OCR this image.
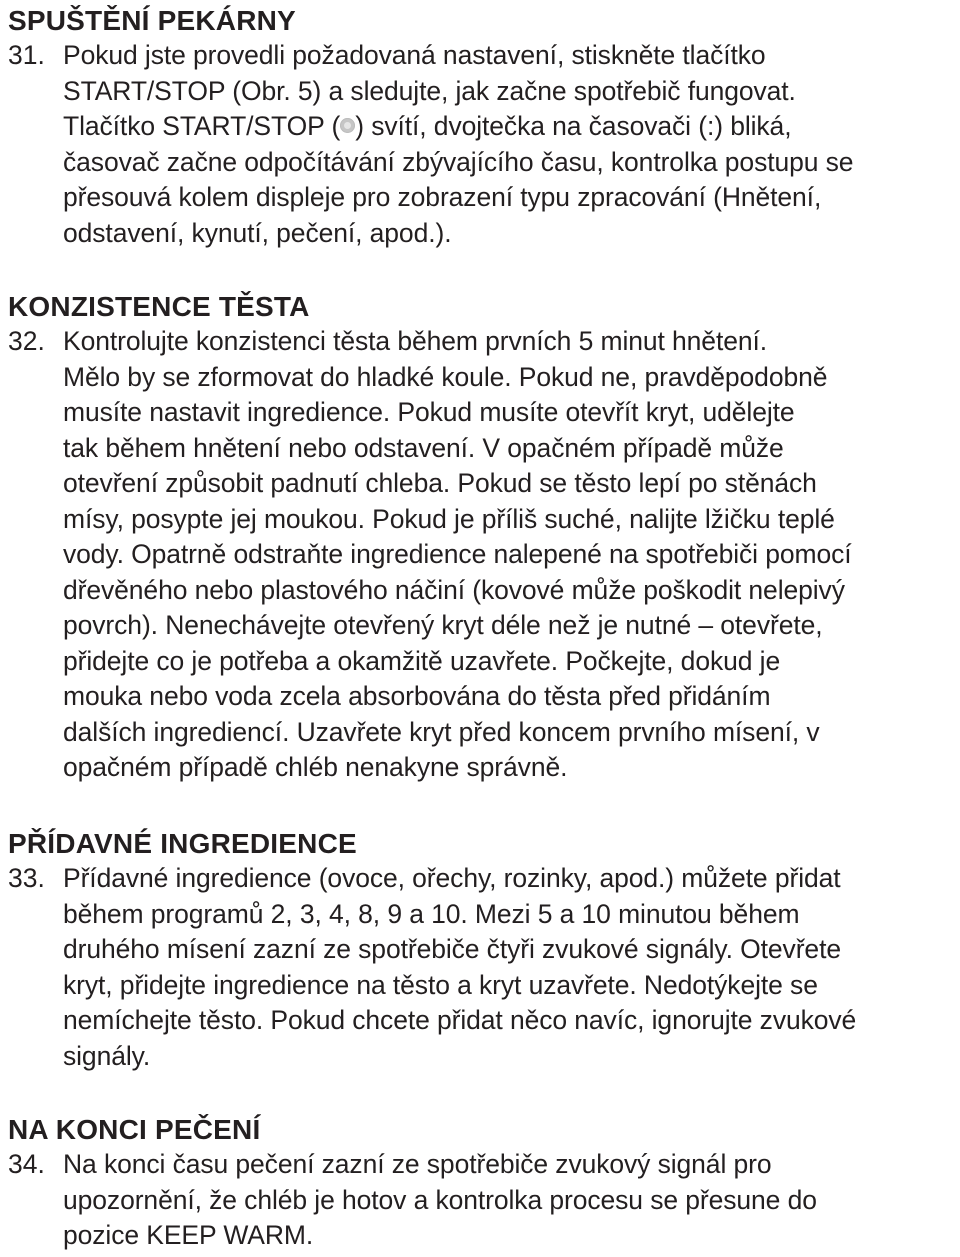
SPUŠTĚNÍ PEKÁRNY
31. Pokud jste provedli požadovaná nastavení, stiskněte tlačítko
START/STOP (Obr. 5) a sledujte, jak začne spotřebič fungovat.
Tlačítko START/STOP ( ) svítí, dvojtečka na časovači (:) bliká,
časovač začne odpočítávání zbývajícího času, kontrolka postupu se
přesouvá kolem displeje pro zobrazení typu zpracování (Hnětení,
odstavení, kynutí, pečení, apod.).
KONZISTENCE TĚSTA
32. Kontrolujte konzistenci těsta během prvních 5 minut hnětení.
Mělo by se zformovat do hladké koule. Pokud ne, pravděpodobně
musíte nastavit ingredience. Pokud musíte otevřít kryt, udělejte
tak během hnětení nebo odstavení. V opačném případě může
otevření způsobit padnutí chleba. Pokud se těsto lepí po stěnách
mísy, posypte jej moukou. Pokud je příliš suché, nalijte lžičku teplé
vody. Opatrně odstraňte ingredience nalepené na spotřebiči pomocí
dřevěného nebo plastového náčiní (kovové může poškodit nelepivý
povrch). Nenechávejte otevřený kryt déle než je nutné – otevřete,
přidejte co je potřeba a okamžitě uzavřete. Počkejte, dokud je
mouka nebo voda zcela absorbována do těsta před přidáním
dalších ingrediencí. Uzavřete kryt před koncem prvního mísení, v
opačném případě chléb nenakyne správně.
PŘÍDAVNÉ INGREDIENCE
33. Přídavné ingredience (ovoce, ořechy, rozinky, apod.) můžete přidat
během programů 2, 3, 4, 8, 9 a 10. Mezi 5 a 10 minutou během
druhého mísení zazní ze spotřebiče čtyři zvukové signály. Otevřete
kryt, přidejte ingredience na těsto a kryt uzavřete. Nedotýkejte se
nemíchejte těsto. Pokud chcete přidat něco navíc, ignorujte zvukové
signály.
NA KONCI PEČENÍ
34. Na konci času pečení zazní ze spotřebiče zvukový signál pro
upozornění, že chléb je hotov a kontrolka procesu se přesune do
pozice KEEP WARM.
